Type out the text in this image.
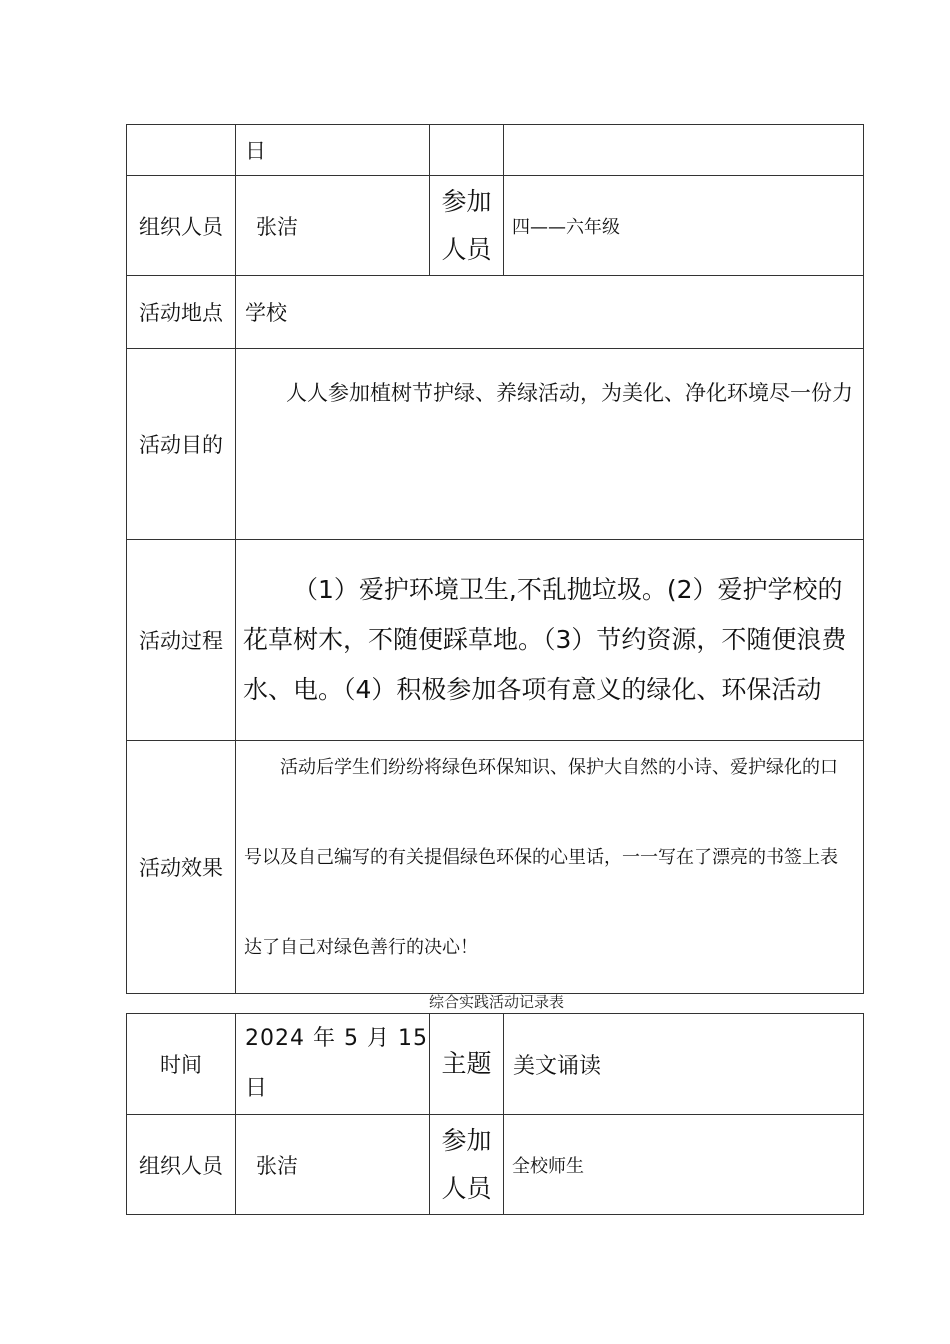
	日		
组织人员	张洁	参加人员	四——六年级
活动地点	学校		
活动目的	人人参加植树节护绿、养绿活动，为美化、净化环境尽一份力		

活动过程	（1）爱护环境卫生,不乱抛垃圾。(2）爱护学校的花草树木，不随便踩草地。（3）节约资源，不随便浪费水、电。（4）积极参加各项有意义的绿化、环保活动		

活动效果	活动后学生们纷纷将绿色环保知识、保护大自然的小诗、爱护绿化的口号以及自己编写的有关提倡绿色环保的心里话，一一写在了漂亮的书签上表达了自己对绿色善行的决心！		
综合实践活动记录表
时间	2024 年 5 月 15 日	主题	美文诵读
组织人员	张洁	参加人员	全校师生
